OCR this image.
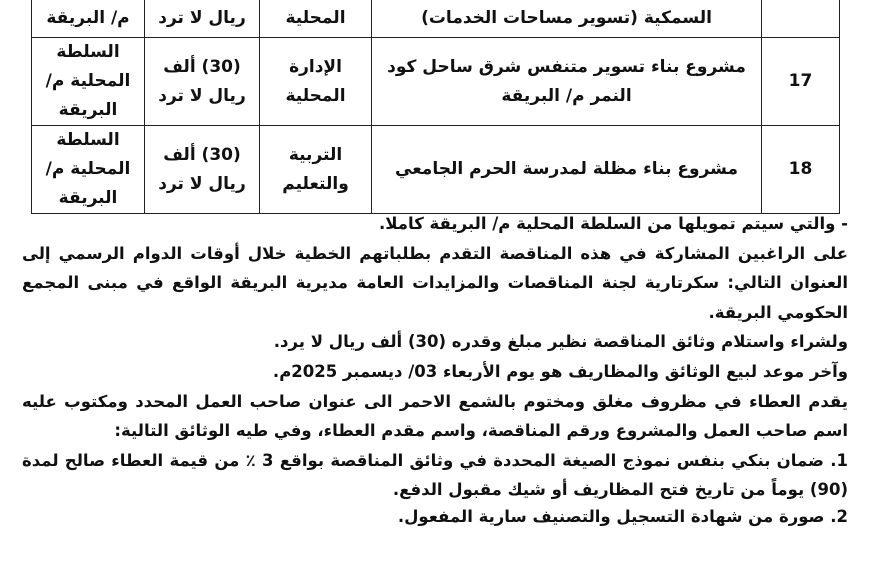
	السمكية (تسوير مساحات الخدمات)	المحلية	ريال لا ترد	م/ البريقة
17	مشروع بناء تسوير متنفس شرق ساحل كود النمر م/ البريقة	الإدارة المحلية	(30) ألف ريال لا ترد	السلطة المحلية م/ البريقة
18	مشروع بناء مظلة لمدرسة الحرم الجامعي	التربية والتعليم	(30) ألف ريال لا ترد	السلطة المحلية م/ البريقة

- والتي سيتم تمويلها من السلطة المحلية م/ البريقة كاملا.

على الراغبين المشاركة في هذه المناقصة التقدم بطلباتهم الخطية خلال أوقات الدوام الرسمي إلى العنوان التالي: سكرتارية لجنة المناقصات والمزايدات العامة مديرية البريقة الواقع في مبنى المجمع الحكومي البريقة.

ولشراء واستلام وثائق المناقصة نظير مبلغ وقدره (30) ألف ريال لا يرد.

وآخر موعد لبيع الوثائق والمظاريف هو يوم الأربعاء 03/ ديسمبر 2025م.

يقدم العطاء في مظروف مغلق ومختوم بالشمع الاحمر الى عنوان صاحب العمل المحدد ومكتوب عليه اسم صاحب العمل والمشروع ورقم المناقصة، واسم مقدم العطاء، وفي طيه الوثائق التالية:

1. ضمان بنكي بنفس نموذج الصيغة المحددة في وثائق المناقصة بواقع 3 ٪ من قيمة العطاء صالح لمدة (90) يوماً من تاريخ فتح المظاريف أو شيك مقبول الدفع.

2. صورة من شهادة التسجيل والتصنيف سارية المفعول.
